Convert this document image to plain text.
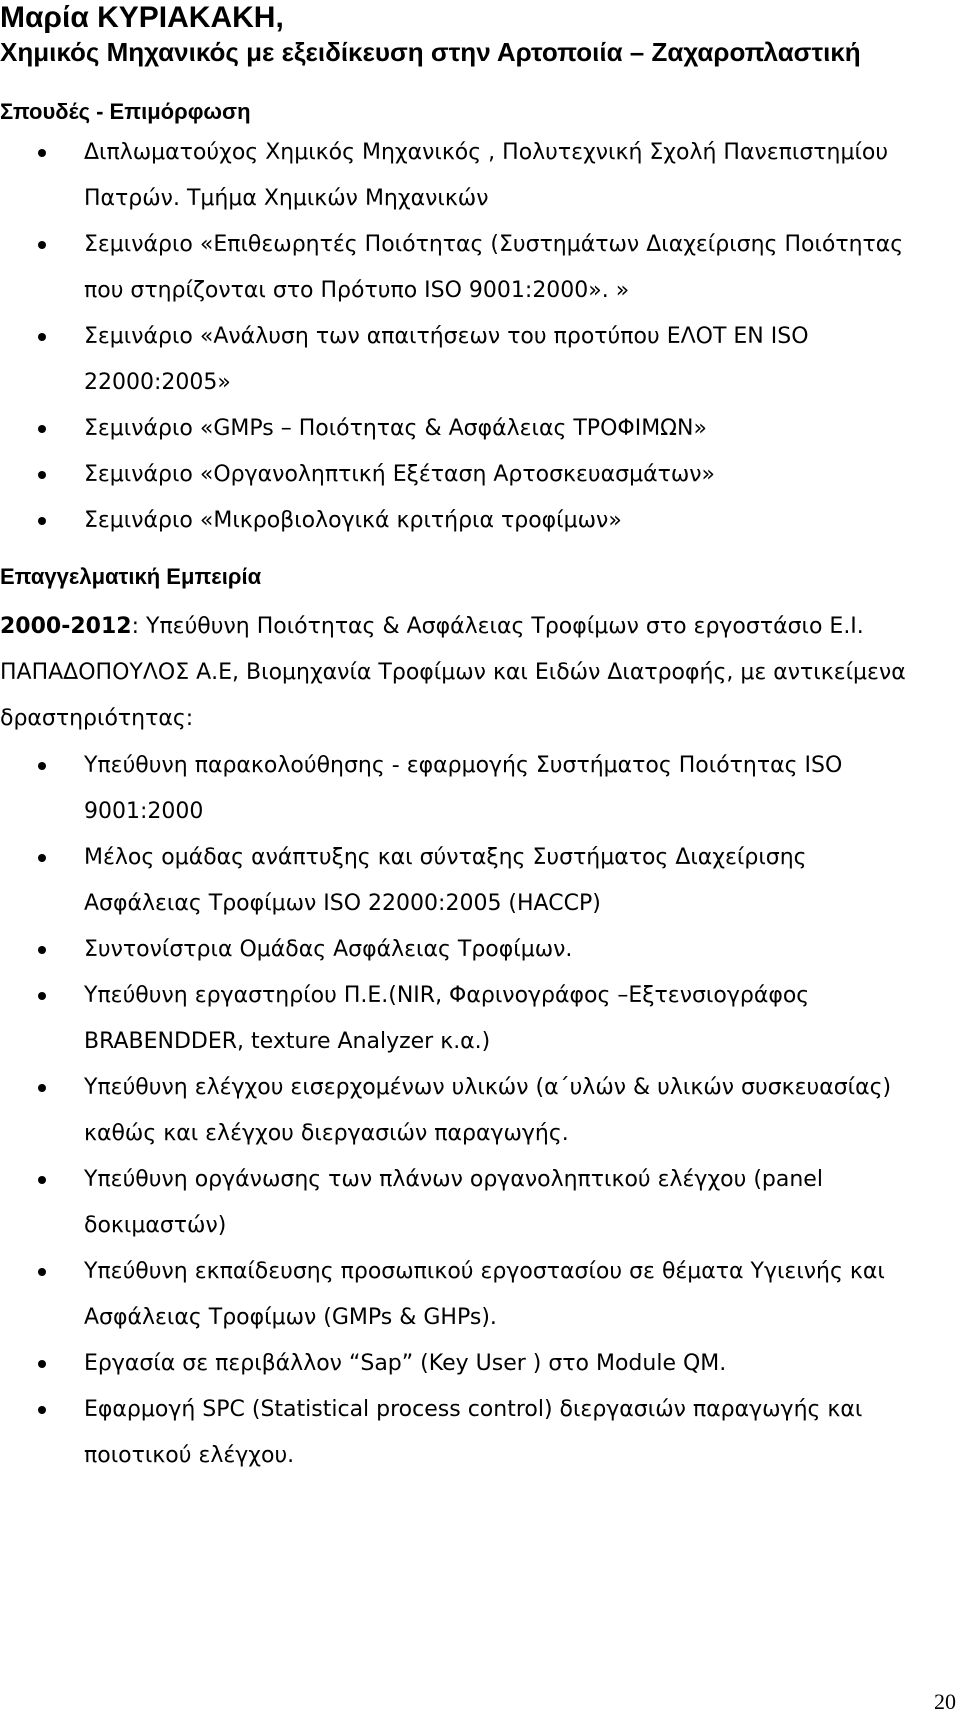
Μαρία ΚΥΡΙΑΚΑΚΗ,
Χημικός Μηχανικός με εξειδίκευση στην Αρτοποιία – Ζαχαροπλαστική
Σπουδές - Επιμόρφωση
Διπλωματούχος Χημικός Μηχανικός , Πολυτεχνική Σχολή Πανεπιστημίου Πατρών. Τμήμα Χημικών Μηχανικών
Σεμινάριο «Επιθεωρητές Ποιότητας (Συστημάτων Διαχείρισης Ποιότητας που στηρίζονται στο Πρότυπο ISO 9001:2000». »
Σεμινάριο «Ανάλυση των απαιτήσεων του προτύπου ΕΛΟΤ ΕΝ ISO 22000:2005»
Σεμινάριο «GMPs – Ποιότητας & Ασφάλειας ΤΡΟΦΙΜΩΝ»
Σεμινάριο «Οργανοληπτική Εξέταση Αρτοσκευασμάτων»
Σεμινάριο «Μικροβιολογικά κριτήρια τροφίμων»
Επαγγελματική Εμπειρία

2000-2012: Υπεύθυνη Ποιότητας & Ασφάλειας Τροφίμων στο εργοστάσιο Ε.Ι. ΠΑΠΑΔΟΠΟΥΛΟΣ Α.Ε, Βιομηχανία Τροφίμων και Ειδών Διατροφής, με αντικείμενα δραστηριότητας:

Υπεύθυνη παρακολούθησης - εφαρμογής Συστήματος Ποιότητας ISO 9001:2000
Μέλος ομάδας ανάπτυξης και σύνταξης Συστήματος Διαχείρισης Ασφάλειας Τροφίμων ISO 22000:2005 (HACCP)
Συντονίστρια Ομάδας Ασφάλειας Τροφίμων.
Υπεύθυνη εργαστηρίου Π.Ε.(NIR, Φαρινογράφος –Εξτενσιογράφος BRABENDDER, texture Analyzer κ.α.)
Υπεύθυνη ελέγχου εισερχομένων υλικών (α΄υλών & υλικών συσκευασίας) καθώς και ελέγχου διεργασιών παραγωγής.
Υπεύθυνη οργάνωσης των πλάνων οργανοληπτικού ελέγχου (panel δοκιμαστών)
Υπεύθυνη εκπαίδευσης προσωπικού εργοστασίου σε θέματα Υγιεινής και Ασφάλειας Τροφίμων (GMPs & GHPs).
Εργασία σε περιβάλλον “Sap” (Key User ) στο Module QM.
Εφαρμογή SPC (Statistical process control) διεργασιών παραγωγής και ποιοτικού ελέγχου.
20
